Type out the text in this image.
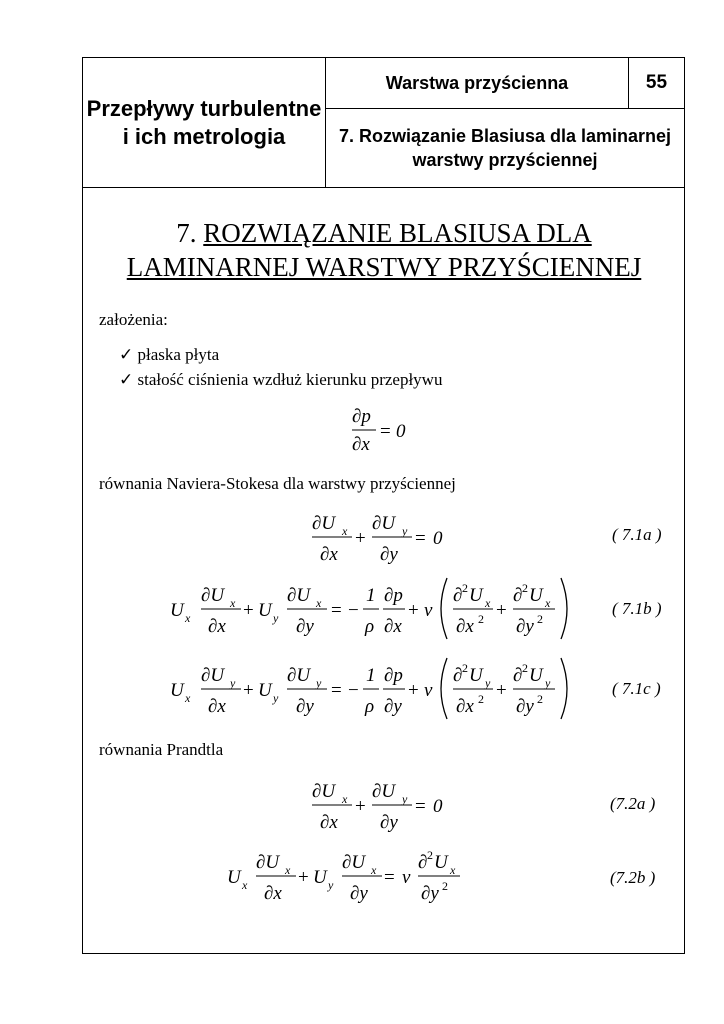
Przepływy turbulentne i ich metrologia
Warstwa przyścienna	55
7. Rozwiązanie Blasiusa dla laminarnej warstwy przyściennej
7. ROZWIĄZANIE BLASIUSA DLA
LAMINARNEJ WARSTWY PRZYŚCIENNEJ
założenia:
✓ płaska płyta
✓ stałość ciśnienia wzdłuż kierunku przepływu
∂p
∂x
= 0
równania Naviera-Stokesa dla warstwy przyściennej
∂U x
∂x
+
∂U y
∂y
= 0	( 7.1a )
U x
∂U x
∂x
+ U y
∂U x
∂y
= −
1
ρ
∂p
∂x
+ ν
∂ 2 U x
∂x 2 +
∂ 2 U x
∂y 2
( 7.1b )
U x
∂U y
∂x
+ U y
∂U y
∂y
= −
1
ρ
∂p
∂y
+ ν
∂ 2 U y
∂x 2 +
∂ 2 U y
∂y 2
( 7.1c )
równania Prandtla
∂U x
∂x
+
∂U y
∂y
= 0	(7.2a )
U x
∂U x
∂x
+ U y
∂U x
∂y
= ν
∂ 2 U x
∂y 2	(7.2b )
